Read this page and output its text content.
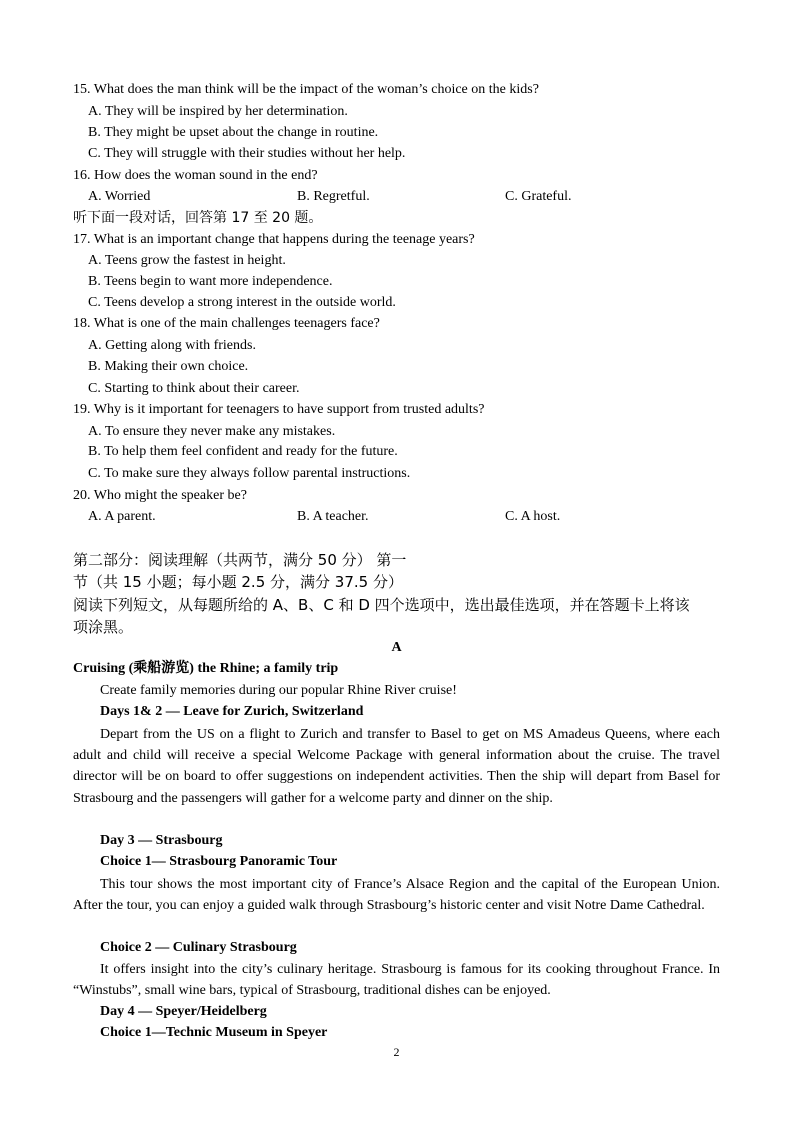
15. What does the man think will be the impact of the woman’s choice on the kids?
A. They will be inspired by her determination.
B. They might be upset about the change in routine.
C. They will struggle with their studies without her help.
16. How does the woman sound in the end?
A. Worried	B. Regretful.	C. Grateful.
听下面一段对话，回答第 17 至 20 题。
17. What is an important change that happens during the teenage years?
A. Teens grow the fastest in height.
B. Teens begin to want more independence.
C. Teens develop a strong interest in the outside world.
18. What is one of the main challenges teenagers face?
A. Getting along with friends.
B. Making their own choice.
C. Starting to think about their career.
19. Why is it important for teenagers to have support from trusted adults?
A. To ensure they never make any mistakes.
B. To help them feel confident and ready for the future.
C. To make sure they always follow parental instructions.
20. Who might the speaker be?
A. A parent.	B. A teacher.	C. A host.
第二部分：阅读理解（共两节，满分 50 分） 第一
节（共 15 小题；每小题 2.5 分，满分 37.5 分）
阅读下列短文，从每题所给的 A、B、C 和 D 四个选项中，选出最佳选项，并在答题卡上将该
项涂黑。
A
Cruising (乘船游览) the Rhine; a family trip
Create family memories during our popular Rhine River cruise!
Days 1& 2 — Leave for Zurich, Switzerland
Depart from the US on a flight to Zurich and transfer to Basel to get on MS Amadeus Queens, where each adult and child will receive a special Welcome Package with general information about the cruise. The travel director will be on board to offer suggestions on independent activities. Then the ship will depart from Basel for Strasbourg and the passengers will gather for a welcome party and dinner on the ship.
Day 3 — Strasbourg
Choice 1— Strasbourg Panoramic Tour
This tour shows the most important city of France’s Alsace Region and the capital of the European Union. After the tour, you can enjoy a guided walk through Strasbourg’s historic center and visit Notre Dame Cathedral.
Choice 2 — Culinary Strasbourg
It offers insight into the city’s culinary heritage. Strasbourg is famous for its cooking throughout France. In “Winstubs”, small wine bars, typical of Strasbourg, traditional dishes can be enjoyed.
Day 4 — Speyer/Heidelberg
Choice 1—Technic Museum in Speyer
2
